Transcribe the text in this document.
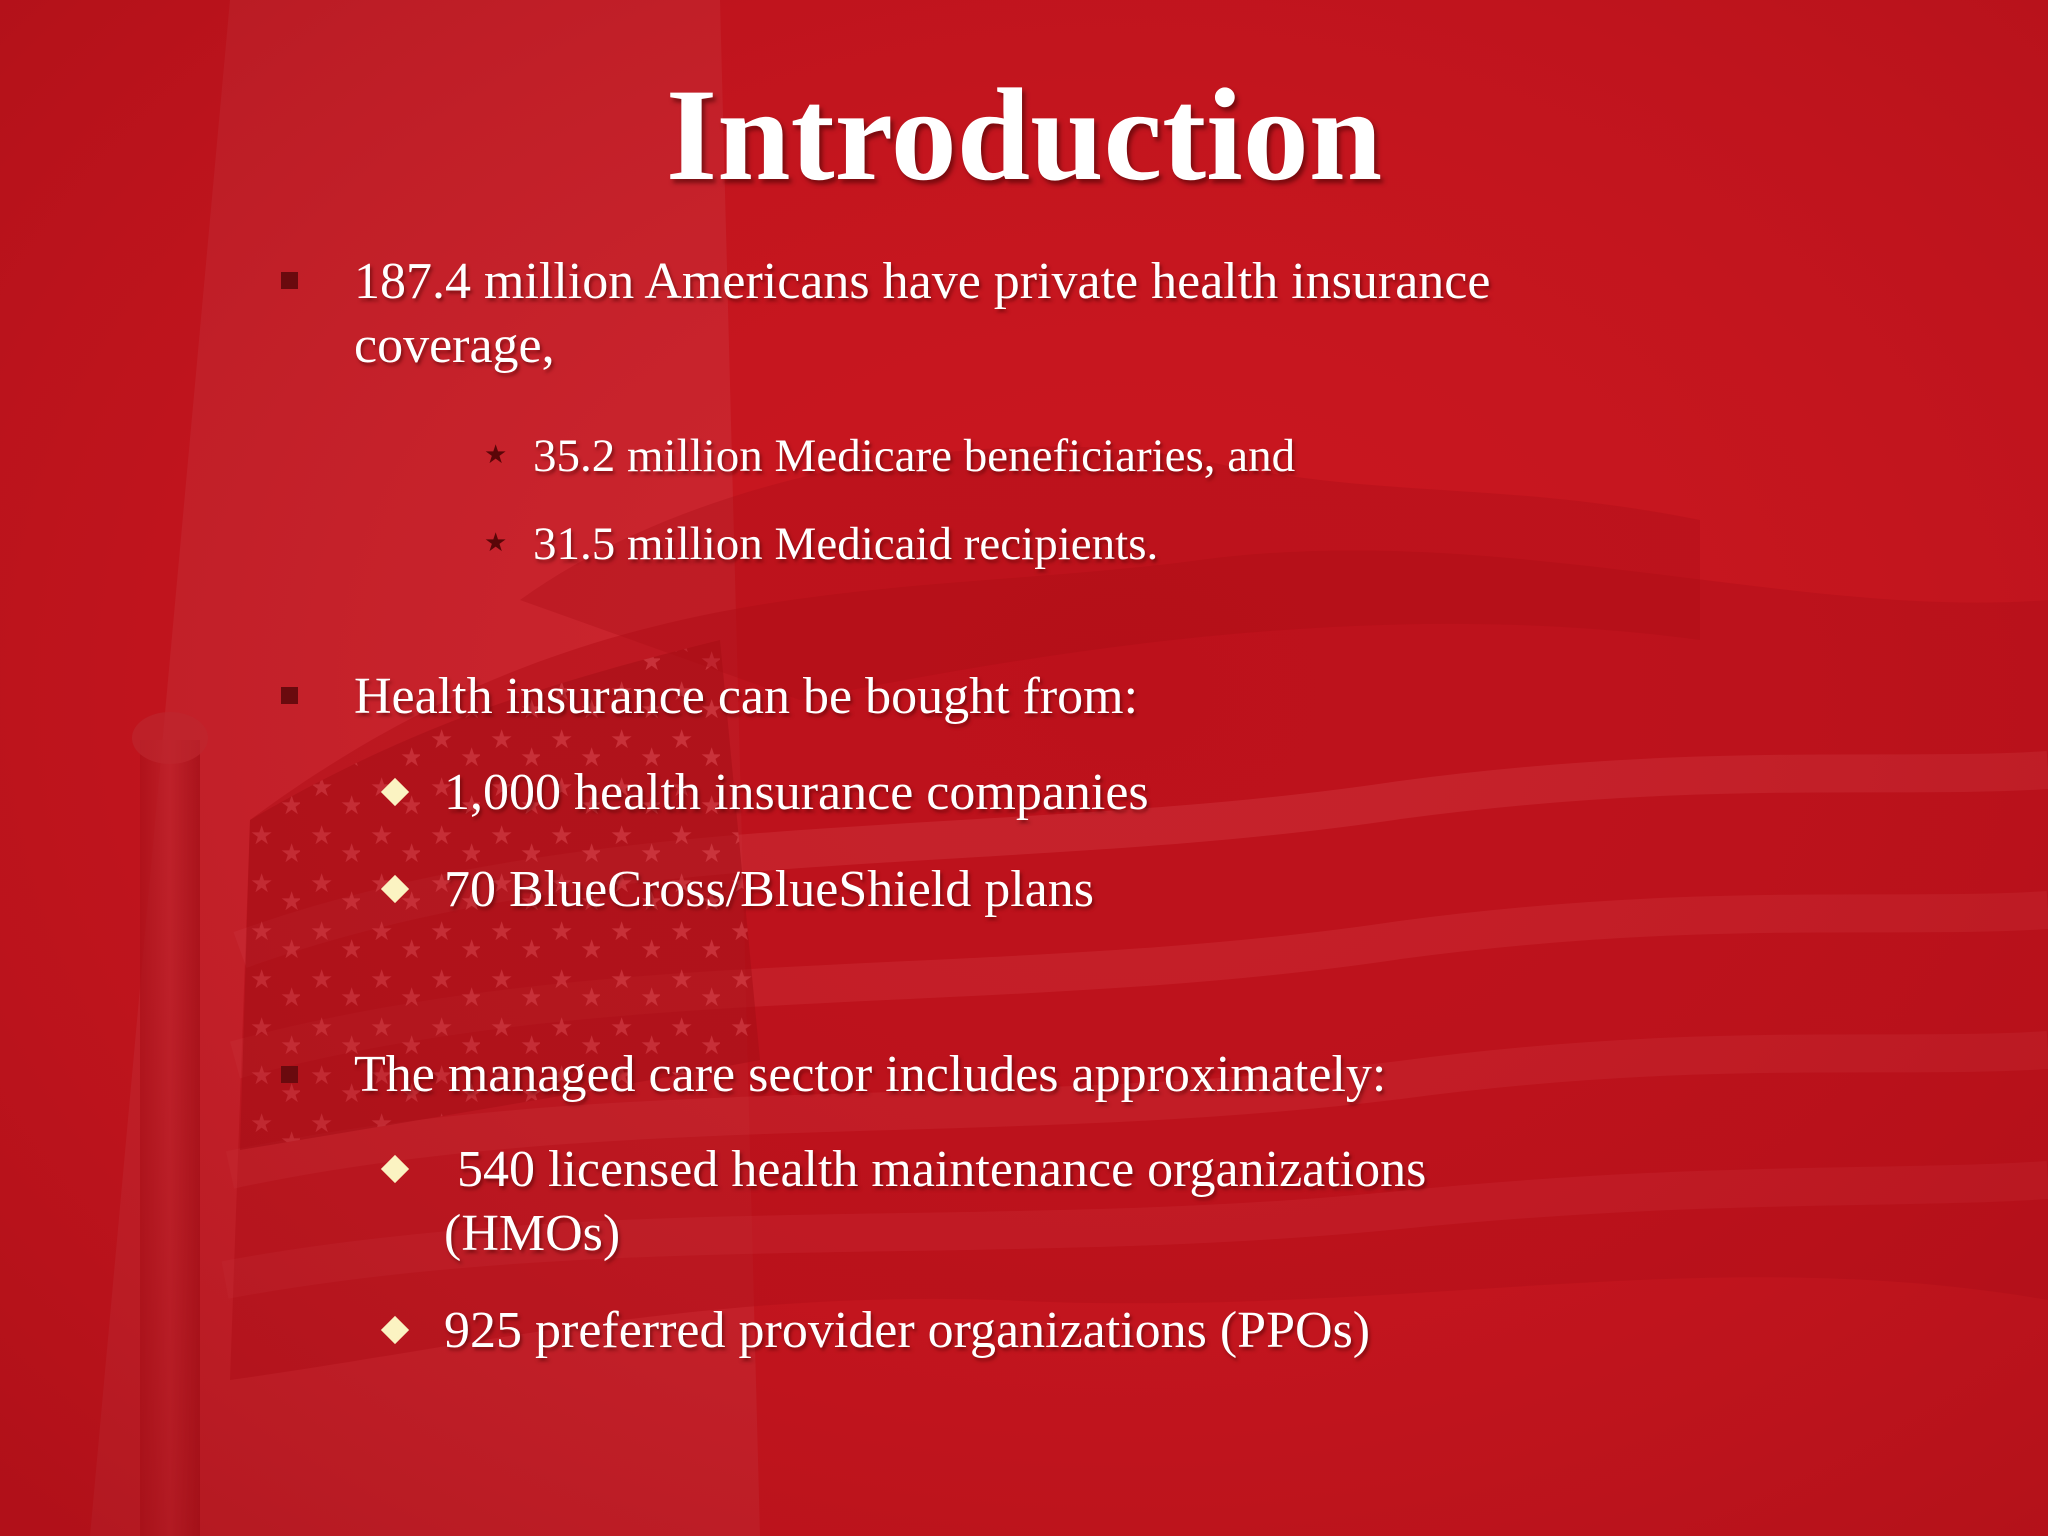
Introduction
187.4 million Americans have private health insurance
coverage,
★ 35.2 million Medicare beneficiaries, and
★ 31.5 million Medicaid recipients.
Health insurance can be bought from:
1,000 health insurance companies
70 BlueCross/BlueShield plans
The managed care sector includes approximately:
540 licensed health maintenance organizations
(HMOs)
925 preferred provider organizations (PPOs)
